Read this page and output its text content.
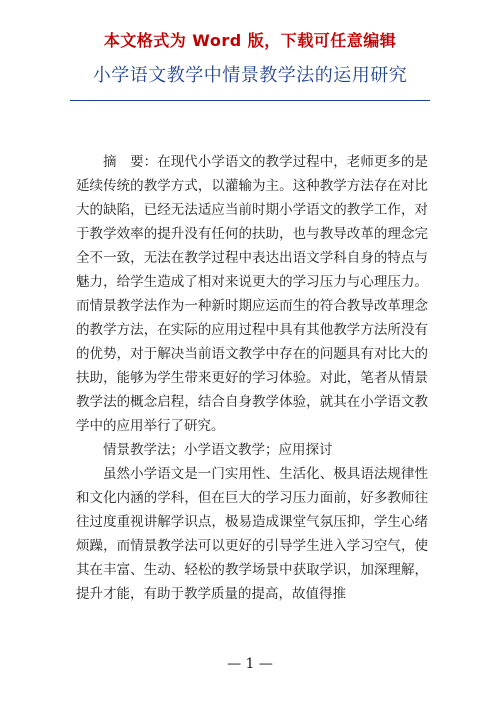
本文格式为 Word 版，下载可任意编辑
小学语文教学中情景教学法的运用研究

摘　要：在现代小学语文的教学过程中，老师更多的是延续传统的教学方式，以灌输为主。这种教学方法存在对比大的缺陷，已经无法适应当前时期小学语文的教学工作，对于教学效率的提升没有任何的扶助，也与教导改革的理念完全不一致，无法在教学过程中表达出语文学科自身的特点与魅力，给学生造成了相对来说更大的学习压力与心理压力。而情景教学法作为一种新时期应运而生的符合教导改革理念的教学方法，在实际的应用过程中具有其他教学方法所没有的优势，对于解决当前语文教学中存在的问题具有对比大的扶助，能够为学生带来更好的学习体验。对此，笔者从情景教学法的概念启程，结合自身教学体验，就其在小学语文教学中的应用举行了研究。

情景教学法；小学语文教学；应用探讨

虽然小学语文是一门实用性、生活化、极具语法规律性和文化内涵的学科，但在巨大的学习压力面前，好多教师往往过度重视讲解学识点，极易造成课堂气氛压抑，学生心绪烦躁，而情景教学法可以更好的引导学生进入学习空气，使其在丰富、生动、轻松的教学场景中获取学识，加深理解，提升才能，有助于教学质量的提高，故值得推

— 1 —
